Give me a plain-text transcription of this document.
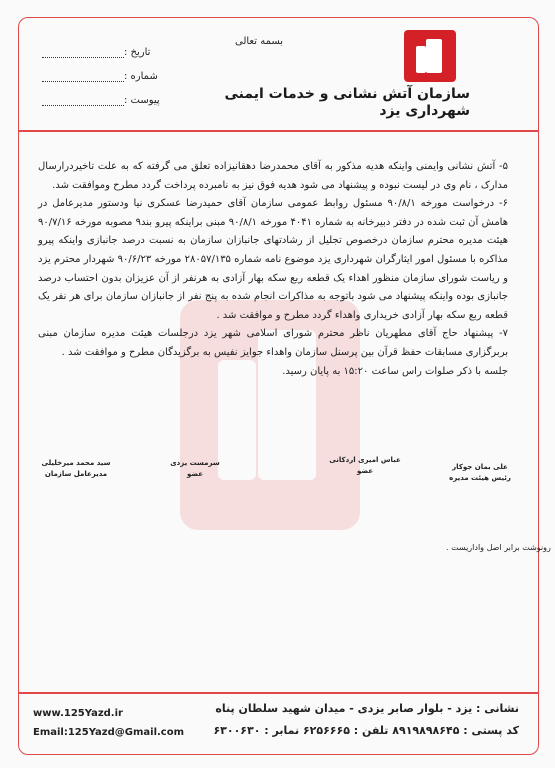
سازمان آتش نشانی و خدمات ایمنی
شهرداری یزد
بسمه تعالی
تاریخ :
شماره :
پیوست :

۵- آتش نشانی وایمنی واینکه هدیه مذکور به آقای محمدرضا دهقانیزاده تعلق می گرفته که به علت تاخیردرارسال مدارک ، نام وی در لیست نبوده و پیشنهاد می شود هدیه فوق نیز به نامبرده پرداخت گردد مطرح وموافقت شد.

۶- درخواست مورخه ۹۰/۸/۱ مسئول روابط عمومی سازمان آقای حمیدرضا عسکری نیا ودستور مدیرعامل در هامش آن ثبت شده در دفتر دبیرخانه به شماره ۴۰۴۱ مورخه ۹۰/۸/۱ مبنی براینکه پیرو بند۹ مصوبه مورخه ۹۰/۷/۱۶ هیئت مدیره محترم سازمان درخصوص تجلیل از رشادتهای جانبازان سازمان به نسبت درصد جانبازی واینکه پیرو مذاکره با مسئول امور ایثارگران شهرداری یزد موضوع نامه شماره ۲۸۰۵۷/۱۳۵ مورخه ۹۰/۶/۲۳ شهردار محترم یزد و ریاست شورای سازمان منظور اهداء یک قطعه ربع سکه بهار آزادی به هرنفر از آن عزیزان بدون احتساب درصد جانبازی بوده واینکه پیشنهاد می شود باتوجه به مذاکرات انجام شده به پنج نفر از جانبازان سازمان برای هر نفر یک قطعه ربع سکه بهار آزادی خریداری واهداء گردد مطرح و موافقت شد .

۷- پیشنهاد حاج آقای مطهریان ناظر محترم شورای اسلامی شهر یزد درجلسات هیئت مدیره سازمان مبنی بربرگزاری مسابقات حفظ قرآن بین پرسنل سازمان واهداء جوایز نفیس به برگزیدگان مطرح و موافقت شد .

جلسه با ذکر صلوات راس ساعت ۱۵:۲۰ به پایان رسید.

علی بمان جوکار
رئیس هیئت مدیره
عباس امیری اردکانی
عضو
سرمست یزدی
عضو
سید محمد میرخلیلی
مدیرعامل سازمان
رونوشت برابر اصل واداریست .
www.125Yazd.ir
Email:125Yazd@Gmail.com
نشانی : یزد - بلوار صابر یزدی - میدان شهید سلطان پناه
کد پستی : ۸۹۱۹۸۹۸۶۴۵ تلفن : ۶۲۵۶۶۶۵ نمابر : ۶۳۰۰۶۳۰
